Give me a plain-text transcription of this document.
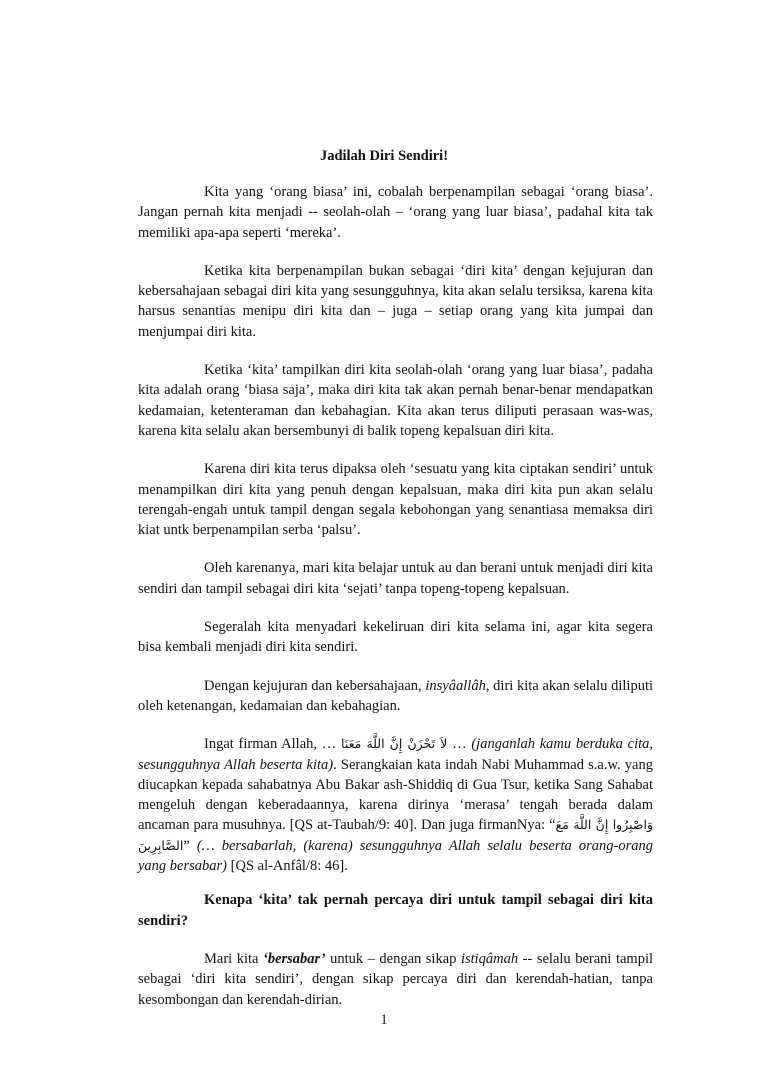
Jadilah Diri Sendiri!

Kita yang ‘orang biasa’ ini, cobalah berpenampilan sebagai ‘orang biasa’. Jangan pernah kita menjadi -- seolah-olah – ‘orang yang luar biasa’, padahal kita tak memiliki apa-apa seperti ‘mereka’.

Ketika kita berpenampilan bukan sebagai ‘diri kita’ dengan kejujuran dan kebersahajaan sebagai diri kita yang sesungguhnya, kita akan selalu tersiksa, karena kita harsus senantias menipu diri kita dan – juga – setiap orang yang kita jumpai dan menjumpai diri kita.

Ketika ‘kita’ tampilkan diri kita seolah-olah ‘orang yang luar biasa’, padaha kita adalah orang ‘biasa saja’, maka diri kita tak akan pernah benar-benar mendapatkan kedamaian, ketenteraman dan kebahagian. Kita akan terus diliputi perasaan was-was, karena kita selalu akan bersembunyi di balik topeng kepalsuan diri kita.

Karena diri kita terus dipaksa oleh ‘sesuatu yang kita ciptakan sendiri’ untuk menampilkan diri kita yang penuh dengan kepalsuan, maka diri kita pun akan selalu terengah-engah untuk tampil dengan segala kebohongan yang senantiasa memaksa diri kiat untk berpenampilan serba ‘palsu’.

Oleh karenanya, mari kita belajar untuk au dan berani untuk menjadi diri kita sendiri dan tampil sebagai diri kita ‘sejati’ tanpa topeng-topeng kepalsuan.

Segeralah kita menyadari kekeliruan diri kita selama ini, agar kita segera bisa kembali menjadi diri kita sendiri.

Dengan kejujuran dan kebersahajaan, insyâallâh, diri kita akan selalu diliputi oleh ketenangan, kedamaian dan kebahagian.

Ingat firman Allah, … لاَ تَحْزَنْ إِنَّ اللَّهَ مَعَنَا … (janganlah kamu berduka cita, sesungguhnya Allah beserta kita). Serangkaian kata indah Nabi Muhammad s.a.w. yang diucapkan kepada sahabatnya Abu Bakar ash-Shiddiq di Gua Tsur, ketika Sang Sahabat mengeluh dengan keberadaannya, karena dirinya ‘merasa’ tengah berada dalam ancaman para musuhnya. [QS at-Taubah/9: 40]. Dan juga firmanNya: “وَاصْبِرُوا إِنَّ اللَّهَ مَعَ الصَّابِرِينَ” (… bersabarlah, (karena) sesungguhnya Allah selalu beserta orang-orang yang bersabar) [QS al-Anfâl/8: 46].

Kenapa ‘kita’ tak pernah percaya diri untuk tampil sebagai diri kita sendiri?

Mari kita ‘bersabar’ untuk – dengan sikap istiqâmah -- selalu berani tampil sebagai ‘diri kita sendiri’, dengan sikap percaya diri dan kerendah-hatian, tanpa kesombongan dan kerendah-dirian.

1
